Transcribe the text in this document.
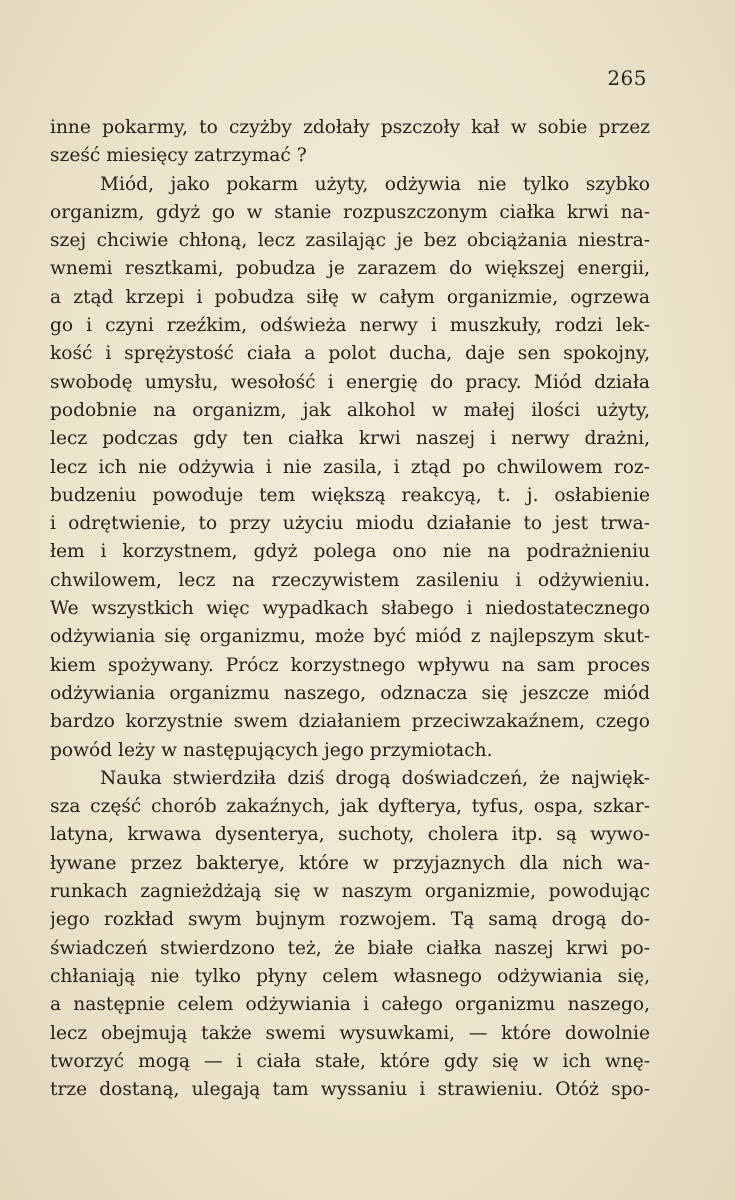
265
inne pokarmy, to czyżby zdołały pszczoły kał w sobie przez
sześć miesięcy zatrzymać ?
Miód, jako pokarm użyty, odżywia nie tylko szybko
organizm, gdyż go w stanie rozpuszczonym ciałka krwi na-
szej chciwie chłoną, lecz zasilając je bez obciążania niestra-
wnemi resztkami, pobudza je zarazem do większej energii,
a ztąd krzepi i pobudza siłę w całym organizmie, ogrzewa
go i czyni rzeźkim, odświeża nerwy i muszkuły, rodzi lek-
kość i sprężystość ciała a polot ducha, daje sen spokojny,
swobodę umysłu, wesołość i energię do pracy. Miód działa
podobnie na organizm, jak alkohol w małej ilości użyty,
lecz podczas gdy ten ciałka krwi naszej i nerwy drażni,
lecz ich nie odżywia i nie zasila, i ztąd po chwilowem roz-
budzeniu powoduje tem większą reakcyą, t. j. osłabienie
i odrętwienie, to przy użyciu miodu działanie to jest trwa-
łem i korzystnem, gdyż polega ono nie na podrażnieniu
chwilowem, lecz na rzeczywistem zasileniu i odżywieniu.
We wszystkich więc wypadkach słabego i niedostatecznego
odżywiania się organizmu, może być miód z najlepszym skut-
kiem spożywany. Prócz korzystnego wpływu na sam proces
odżywiania organizmu naszego, odznacza się jeszcze miód
bardzo korzystnie swem działaniem przeciwzakaźnem, czego
powód leży w następujących jego przymiotach.
Nauka stwierdziła dziś drogą doświadczeń, że najwięk-
sza część chorób zakaźnych, jak dyfterya, tyfus, ospa, szkar-
latyna, krwawa dysenterya, suchoty, cholera itp. są wywo-
ływane przez bakterye, które w przyjaznych dla nich wa-
runkach zagnieżdżają się w naszym organizmie, powodując
jego rozkład swym bujnym rozwojem. Tą samą drogą do-
świadczeń stwierdzono też, że białe ciałka naszej krwi po-
chłaniają nie tylko płyny celem własnego odżywiania się,
a następnie celem odżywiania i całego organizmu naszego,
lecz obejmują także swemi wysuwkami, — które dowolnie
tworzyć mogą — i ciała stałe, które gdy się w ich wnę-
trze dostaną, ulegają tam wyssaniu i strawieniu. Otóż spo-
